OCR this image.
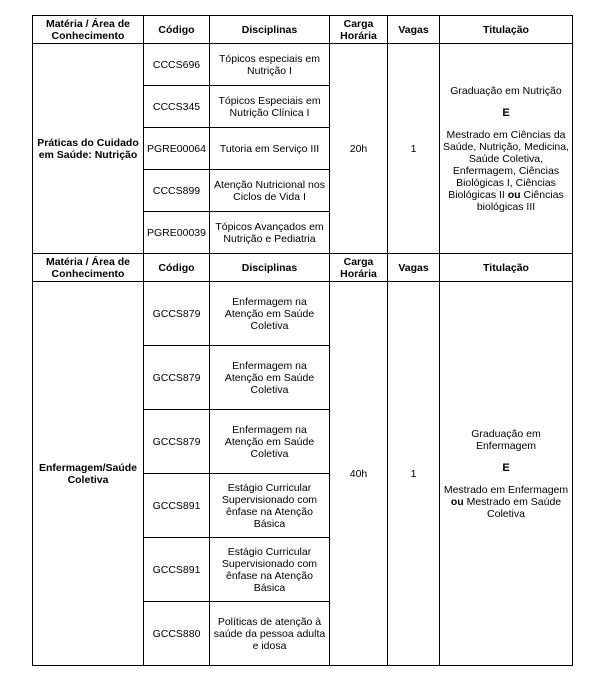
Matéria / Área de Conhecimento	Código	Disciplinas	Carga Horária	Vagas	Titulação
Práticas do Cuidado em Saúde: Nutrição	CCCS696	Tópicos especiais em Nutrição I	20h	1	Graduação em Nutrição
E
Mestrado em Ciências da Saúde, Nutrição, Medicina, Saúde Coletiva, Enfermagem, Ciências Biológicas I, Ciências Biológicas II ou Ciências biológicas III

	CCCS345	Tópicos Especiais em Nutrição Clínica I			
	PGRE00064	Tutoria em Serviço III			
	CCCS899	Atenção Nutricional nos Ciclos de Vida I			
	PGRE00039	Tópicos Avançados em Nutrição e Pediatria			
Matéria / Área de Conhecimento	Código	Disciplinas	Carga Horária	Vagas	Titulação
Enfermagem/Saúde Coletiva	GCCS879	Enfermagem na Atenção em Saúde Coletiva	40h	1	Graduação em Enfermagem
E
Mestrado em Enfermagem ou Mestrado em Saúde Coletiva

	GCCS879	Enfermagem na Atenção em Saúde Coletiva			
	GCCS879	Enfermagem na Atenção em Saúde Coletiva			
	GCCS891	Estágio Curricular Supervisionado com ênfase na Atenção Básica			
	GCCS891	Estágio Curricular Supervisionado com ênfase na Atenção Básica			
	GCCS880	Políticas de atenção à saúde da pessoa adulta e idosa			
